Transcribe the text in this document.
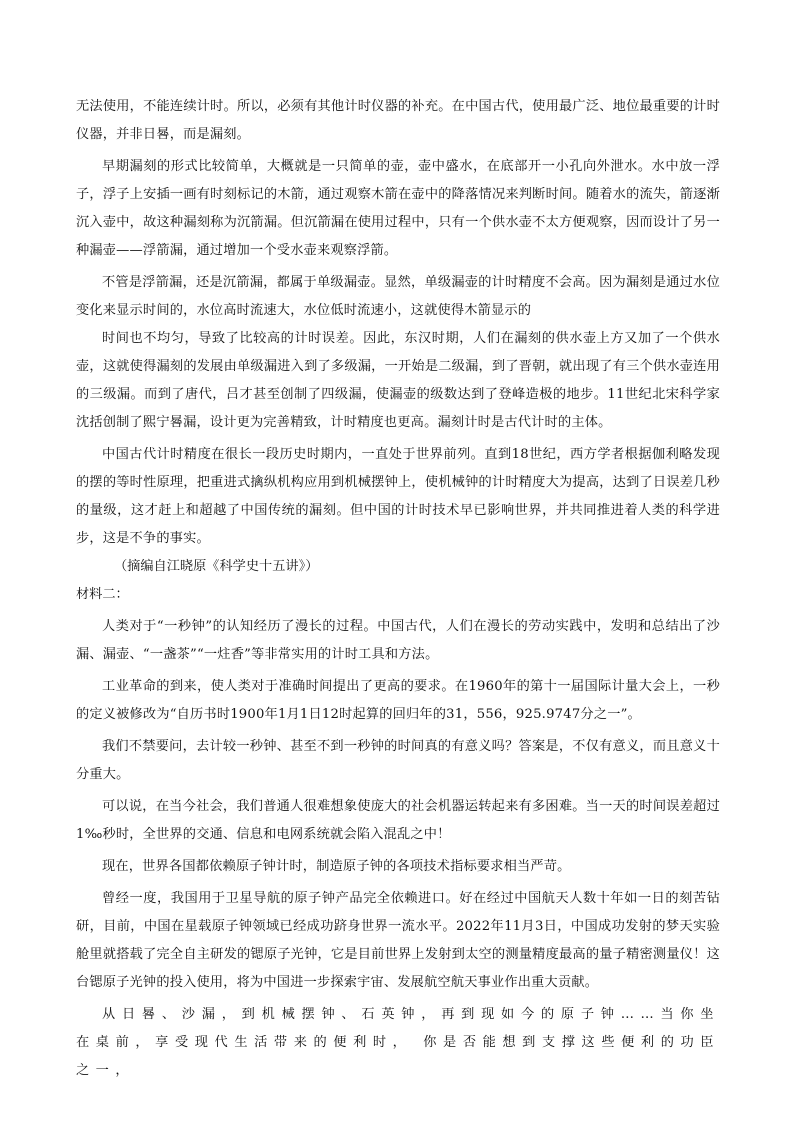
无法使用，不能连续计时。所以，必须有其他计时仪器的补充。在中国古代，使用最广泛、地位最重要的计时仪器，并非日晷，而是漏刻。

早期漏刻的形式比较简单，大概就是一只简单的壶，壶中盛水，在底部开一小孔向外泄水。水中放一浮子，浮子上安插一画有时刻标记的木箭，通过观察木箭在壶中的降落情况来判断时间。随着水的流失，箭逐渐沉入壶中，故这种漏刻称为沉箭漏。但沉箭漏在使用过程中，只有一个供水壶不太方便观察，因而设计了另一种漏壶——浮箭漏，通过增加一个受水壶来观察浮箭。

不管是浮箭漏，还是沉箭漏，都属于单级漏壶。显然，单级漏壶的计时精度不会高。因为漏刻是通过水位变化来显示时间的，水位高时流速大，水位低时流速小，这就使得木箭显示的

时间也不均匀，导致了比较高的计时误差。因此，东汉时期，人们在漏刻的供水壶上方又加了一个供水壶，这就使得漏刻的发展由单级漏进入到了多级漏，一开始是二级漏，到了晋朝，就出现了有三个供水壶连用的三级漏。而到了唐代，吕才甚至创制了四级漏，使漏壶的级数达到了登峰造极的地步。11世纪北宋科学家沈括创制了熙宁晷漏，设计更为完善精致，计时精度也更高。漏刻计时是古代计时的主体。

中国古代计时精度在很长一段历史时期内，一直处于世界前列。直到18世纪，西方学者根据伽利略发现的摆的等时性原理，把重进式擒纵机构应用到机械摆钟上，使机械钟的计时精度大为提高，达到了日误差几秒的量级，这才赶上和超越了中国传统的漏刻。但中国的计时技术早已影响世界，并共同推进着人类的科学进步，这是不争的事实。

（摘编自江晓原《科学史十五讲》）

材料二：

人类对于“一秒钟”的认知经历了漫长的过程。中国古代，人们在漫长的劳动实践中，发明和总结出了沙漏、漏壶、“一盏茶”“一炷香”等非常实用的计时工具和方法。

工业革命的到来，使人类对于准确时间提出了更高的要求。在1960年的第十一届国际计量大会上，一秒的定义被修改为“自历书时1900年1月1日12时起算的回归年的31，556，925.9747分之一”。

我们不禁要问，去计较一秒钟、甚至不到一秒钟的时间真的有意义吗？答案是，不仅有意义，而且意义十分重大。

可以说，在当今社会，我们普通人很难想象使庞大的社会机器运转起来有多困难。当一天的时间误差超过1‰秒时，全世界的交通、信息和电网系统就会陷入混乱之中！

现在，世界各国都依赖原子钟计时，制造原子钟的各项技术指标要求相当严苛。

曾经一度，我国用于卫星导航的原子钟产品完全依赖进口。好在经过中国航天人数十年如一日的刻苦钻研，目前，中国在星载原子钟领域已经成功跻身世界一流水平。2022年11月3日，中国成功发射的梦天实验舱里就搭载了完全自主研发的锶原子光钟，它是目前世界上发射到太空的测量精度最高的量子精密测量仪！这台锶原子光钟的投入使用，将为中国进一步探索宇宙、发展航空航天事业作出重大贡献。

从日晷、沙漏，到机械摆钟、石英钟，再到现如今的原子钟……当你坐在桌前，享受现代生活带来的便利时， 你是否能想到支撑这些便利的功臣之一，
